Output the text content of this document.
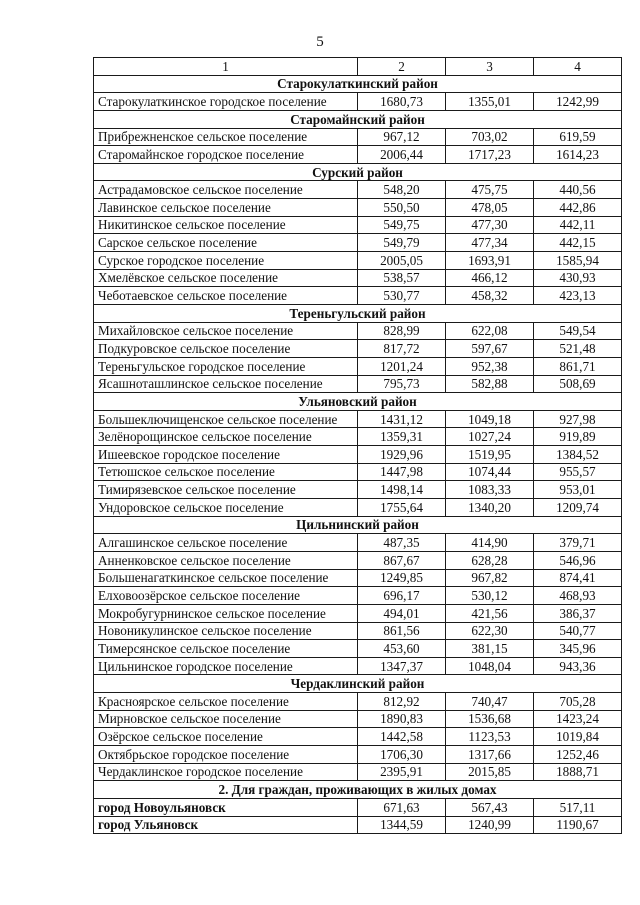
5
1	2	3	4
Старокулаткинский район			
Старокулаткинское городское поселение	1680,73	1355,01	1242,99
Старомайнский район			
Прибрежненское сельское поселение	967,12	703,02	619,59
Старомайнское городское поселение	2006,44	1717,23	1614,23
Сурский район			
Астрадамовское сельское поселение	548,20	475,75	440,56
Лавинское сельское поселение	550,50	478,05	442,86
Никитинское сельское поселение	549,75	477,30	442,11
Сарское сельское поселение	549,79	477,34	442,15
Сурское городское поселение	2005,05	1693,91	1585,94
Хмелёвское сельское поселение	538,57	466,12	430,93
Чеботаевское сельское поселение	530,77	458,32	423,13
Тереньгульский район			
Михайловское сельское поселение	828,99	622,08	549,54
Подкуровское сельское поселение	817,72	597,67	521,48
Тереньгульское городское поселение	1201,24	952,38	861,71
Ясашноташлинское сельское поселение	795,73	582,88	508,69
Ульяновский район			
Большеключищенское сельское поселение	1431,12	1049,18	927,98
Зелёнорощинское сельское поселение	1359,31	1027,24	919,89
Ишеевское городское поселение	1929,96	1519,95	1384,52
Тетюшское сельское поселение	1447,98	1074,44	955,57
Тимирязевское сельское поселение	1498,14	1083,33	953,01
Ундоровское сельское поселение	1755,64	1340,20	1209,74
Цильнинский район			
Алгашинское сельское поселение	487,35	414,90	379,71
Анненковское сельское поселение	867,67	628,28	546,96
Большенагаткинское сельское поселение	1249,85	967,82	874,41
Елховоозёрское сельское поселение	696,17	530,12	468,93
Мокробугурнинское сельское поселение	494,01	421,56	386,37
Новоникулинское сельское поселение	861,56	622,30	540,77
Тимерсянское сельское поселение	453,60	381,15	345,96
Цильнинское городское поселение	1347,37	1048,04	943,36
Чердаклинский район			
Красноярское сельское поселение	812,92	740,47	705,28
Мирновское сельское поселение	1890,83	1536,68	1423,24
Озёрское сельское поселение	1442,58	1123,53	1019,84
Октябрьское городское поселение	1706,30	1317,66	1252,46
Чердаклинское городское поселение	2395,91	2015,85	1888,71
2. Для граждан, проживающих в жилых домах			
город Новоульяновск	671,63	567,43	517,11
город Ульяновск	1344,59	1240,99	1190,67
